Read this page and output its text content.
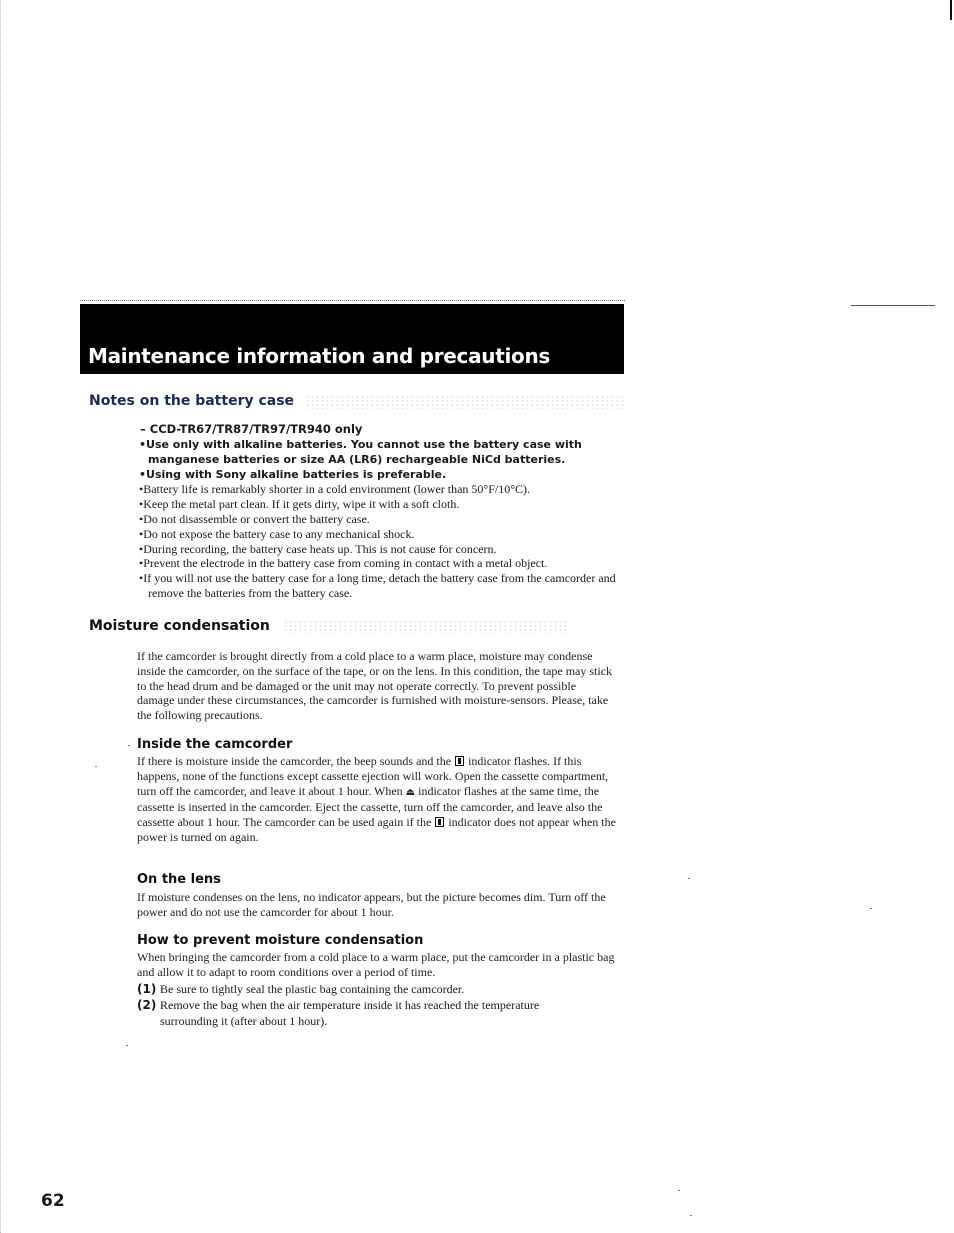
Maintenance information and precautions
Notes on the battery case
– CCD-TR67/TR87/TR97/TR940 only
• Use only with alkaline batteries. You cannot use the battery case with manganese batteries or size AA (LR6) rechargeable NiCd batteries.
• Using with Sony alkaline batteries is preferable.
• Battery life is remarkably shorter in a cold environment (lower than 50°F/10°C).
• Keep the metal part clean. If it gets dirty, wipe it with a soft cloth.
• Do not disassemble or convert the battery case.
• Do not expose the battery case to any mechanical shock.
• During recording, the battery case heats up. This is not cause for concern.
• Prevent the electrode in the battery case from coming in contact with a metal object.
• If you will not use the battery case for a long time, detach the battery case from the camcorder and remove the batteries from the battery case.
Moisture condensation

If the camcorder is brought directly from a cold place to a warm place, moisture may condense inside the camcorder, on the surface of the tape, or on the lens. In this condition, the tape may stick to the head drum and be damaged or the unit may not operate correctly. To prevent possible damage under these circumstances, the camcorder is furnished with moisture-sensors. Please, take the following precautions.

Inside the camcorder

If there is moisture inside the camcorder, the beep sounds and the indicator flashes. If this happens, none of the functions except cassette ejection will work. Open the cassette compartment, turn off the camcorder, and leave it about 1 hour. When ⏏ indicator flashes at the same time, the cassette is inserted in the camcorder. Eject the cassette, turn off the camcorder, and leave also the cassette about 1 hour. The camcorder can be used again if the indicator does not appear when the power is turned on again.

On the lens

If moisture condenses on the lens, no indicator appears, but the picture becomes dim. Turn off the power and do not use the camcorder for about 1 hour.

How to prevent moisture condensation

When bringing the camcorder from a cold place to a warm place, put the camcorder in a plastic bag and allow it to adapt to room conditions over a period of time.

(1) Be sure to tightly seal the plastic bag containing the camcorder.
(2) Remove the bag when the air temperature inside it has reached the temperature surrounding it (after about 1 hour).
62
